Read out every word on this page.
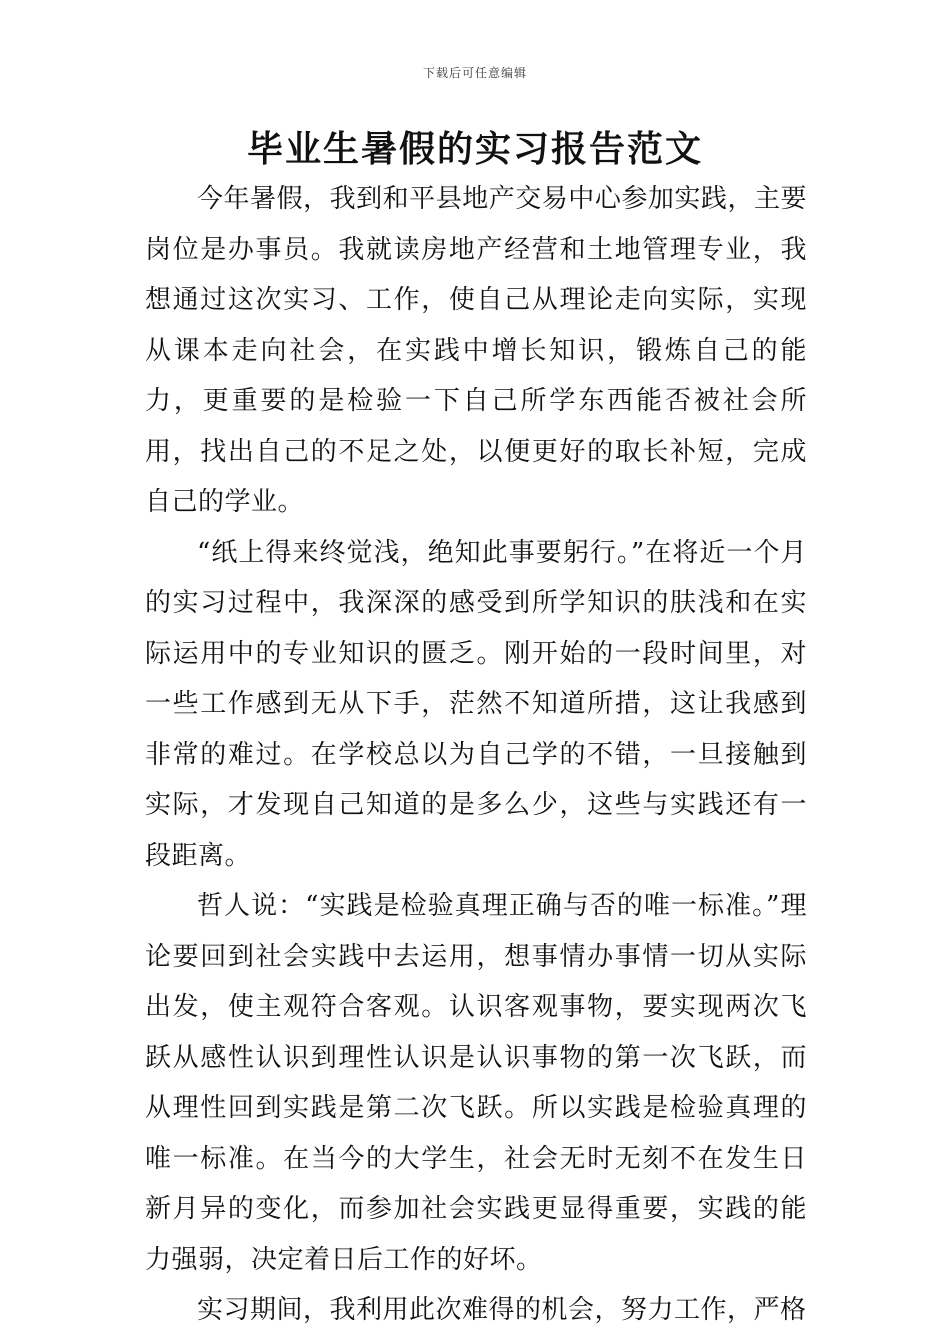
下载后可任意编辑
毕业生暑假的实习报告范文

今年暑假，我到和平县地产交易中心参加实践，主要岗位是办事员。我就读房地产经营和土地管理专业，我想通过这次实习、工作，使自己从理论走向实际，实现从课本走向社会，在实践中增长知识，锻炼自己的能力，更重要的是检验一下自己所学东西能否被社会所用，找出自己的不足之处，以便更好的取长补短，完成自己的学业。

“纸上得来终觉浅，绝知此事要躬行。”在将近一个月的实习过程中，我深深的感受到所学知识的肤浅和在实际运用中的专业知识的匮乏。刚开始的一段时间里，对一些工作感到无从下手，茫然不知道所措，这让我感到非常的难过。在学校总以为自己学的不错，一旦接触到实际，才发现自己知道的是多么少，这些与实践还有一段距离。

哲人说：“实践是检验真理正确与否的唯一标准。”理论要回到社会实践中去运用，想事情办事情一切从实际出发，使主观符合客观。认识客观事物，要实现两次飞跃从感性认识到理性认识是认识事物的第一次飞跃，而从理性回到实践是第二次飞跃。所以实践是检验真理的唯一标准。在当今的大学生，社会无时无刻不在发生日新月异的变化，而参加社会实践更显得重要，实践的能力强弱，决定着日后工作的好坏。

实习期间，我利用此次难得的机会，努力工作，严格
